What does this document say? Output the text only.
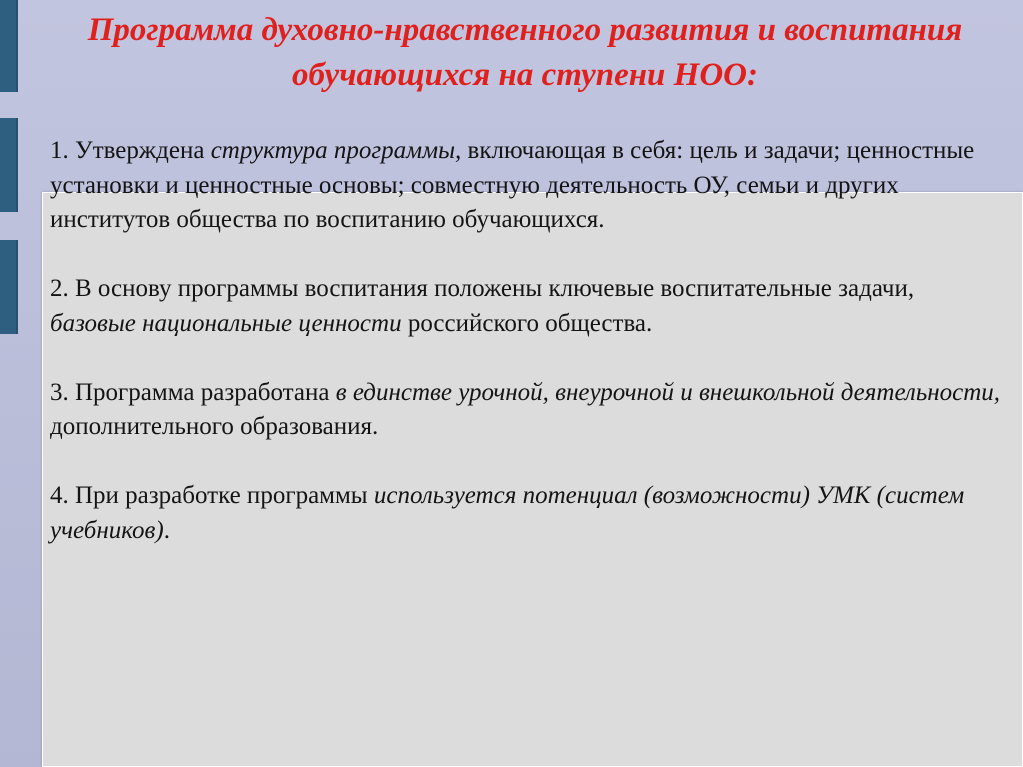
Программа духовно-нравственного развития и воспитания обучающихся на ступени НОО:

1. Утверждена структура программы, включающая в себя: цель и задачи; ценностные установки и ценностные основы; совместную деятельность ОУ, семьи и других институтов общества по воспитанию обучающихся.

2. В основу программы воспитания положены ключевые воспитательные задачи, базовые национальные ценности российского общества.

3. Программа разработана в единстве урочной, внеурочной и внешкольной деятельности, дополнительного образования.

4. При разработке программы используется потенциал (возможности) УМК (систем учебников).
